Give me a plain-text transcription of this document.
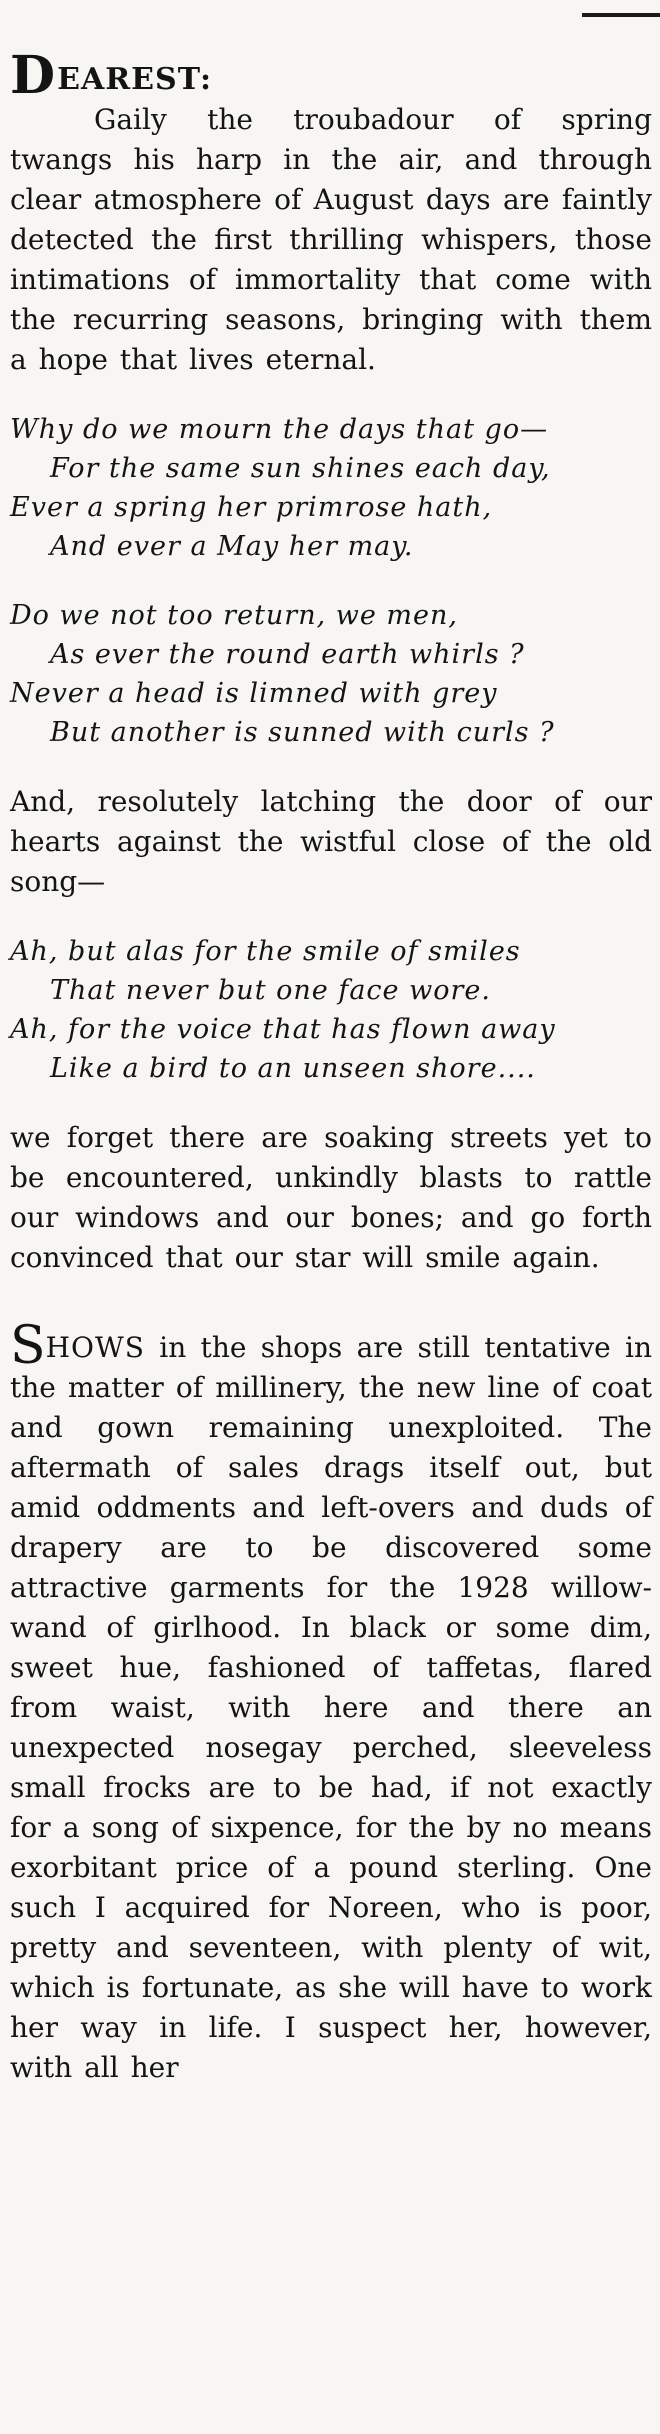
DEAREST:

Gaily the troubadour of spring twangs his harp in the air, and through clear atmosphere of August days are faintly detected the first thrilling whispers, those intimations of immortality that come with the recurring seasons, bringing with them a hope that lives eternal.

Why do we mourn the days that go—
For the same sun shines each day,
Ever a spring her primrose hath,
And ever a May her may.
Do we not too return, we men,
As ever the round earth whirls ?
Never a head is limned with grey
But another is sunned with curls ?

And, resolutely latching the door of our hearts against the wistful close of the old song—

Ah, but alas for the smile of smiles
That never but one face wore.
Ah, for the voice that has flown away
Like a bird to an unseen shore....

we forget there are soaking streets yet to be encountered, unkindly blasts to rattle our windows and our bones; and go forth convinced that our star will smile again.

SHOWS in the shops are still tentative in the matter of millinery, the new line of coat and gown remaining unexploited. The aftermath of sales drags itself out, but amid oddments and left-overs and duds of drapery are to be discovered some attractive garments for the 1928 willow-wand of girlhood. In black or some dim, sweet hue, fashioned of taffetas, flared from waist, with here and there an unexpected nosegay perched, sleeveless small frocks are to be had, if not exactly for a song of sixpence, for the by no means exorbitant price of a pound sterling. One such I acquired for Noreen, who is poor, pretty and seventeen, with plenty of wit, which is fortunate, as she will have to work her way in life. I suspect her, however, with all her
